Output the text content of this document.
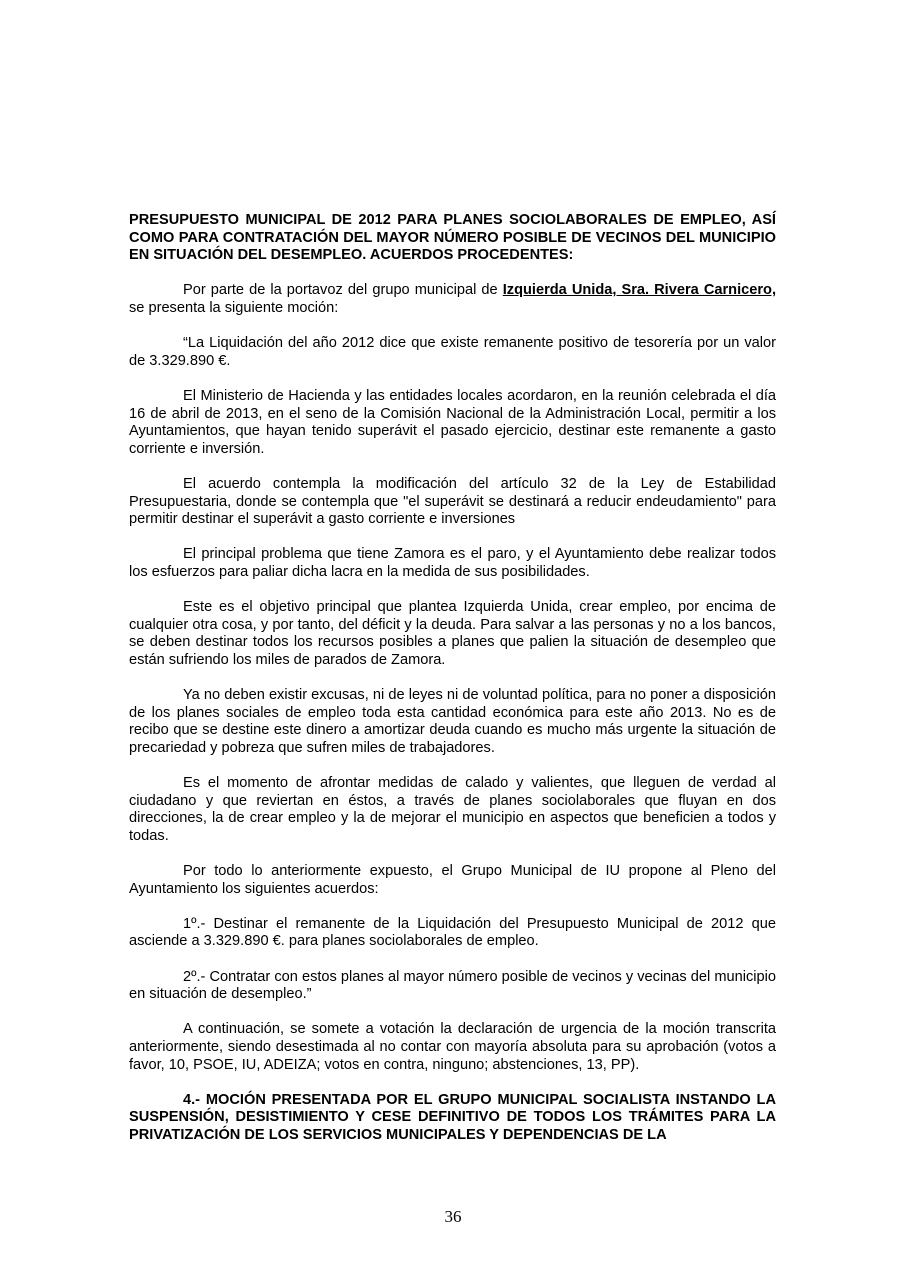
PRESUPUESTO MUNICIPAL DE 2012 PARA PLANES SOCIOLABORALES DE EMPLEO, ASÍ COMO PARA CONTRATACIÓN DEL MAYOR NÚMERO POSIBLE DE VECINOS DEL MUNICIPIO EN SITUACIÓN DEL DESEMPLEO. ACUERDOS PROCEDENTES:

Por parte de la portavoz del grupo municipal de Izquierda Unida, Sra. Rivera Carnicero, se presenta la siguiente moción:

“La Liquidación del año 2012 dice que existe remanente positivo de tesorería por un valor de 3.329.890 €.

El Ministerio de Hacienda y las entidades locales acordaron, en la reunión celebrada el día 16 de abril de 2013, en el seno de la Comisión Nacional de la Administración Local, permitir a los Ayuntamientos, que hayan tenido superávit el pasado ejercicio, destinar este remanente a gasto corriente e inversión.

El acuerdo contempla la modificación del artículo 32 de la Ley de Estabilidad Presupuestaria, donde se contempla que "el superávit se destinará a reducir endeudamiento" para permitir destinar el superávit a gasto corriente e inversiones

El principal problema que tiene Zamora es el paro, y el Ayuntamiento debe realizar todos los esfuerzos para paliar dicha lacra en la medida de sus posibilidades.

Este es el objetivo principal que plantea Izquierda Unida, crear empleo, por encima de cualquier otra cosa, y por tanto, del déficit y la deuda. Para salvar a las personas y no a los bancos, se deben destinar todos los recursos posibles a planes que palien la situación de desempleo que están sufriendo los miles de parados de Zamora.

Ya no deben existir excusas, ni de leyes ni de voluntad política, para no poner a disposición de los planes sociales de empleo toda esta cantidad económica para este año 2013. No es de recibo que se destine este dinero a amortizar deuda cuando es mucho más urgente la situación de precariedad y pobreza que sufren miles de trabajadores.

Es el momento de afrontar medidas de calado y valientes, que lleguen de verdad al ciudadano y que reviertan en éstos, a través de planes sociolaborales que fluyan en dos direcciones, la de crear empleo y la de mejorar el municipio en aspectos que beneficien a todos y todas.

Por todo lo anteriormente expuesto, el Grupo Municipal de IU propone al Pleno del Ayuntamiento los siguientes acuerdos:

1º.- Destinar el remanente de la Liquidación del Presupuesto Municipal de 2012 que asciende a 3.329.890 €. para planes sociolaborales de empleo.

2º.- Contratar con estos planes al mayor número posible de vecinos y vecinas del municipio en situación de desempleo.”

A continuación, se somete a votación la declaración de urgencia de la moción transcrita anteriormente, siendo desestimada al no contar con mayoría absoluta para su aprobación (votos a favor, 10, PSOE, IU, ADEIZA; votos en contra, ninguno; abstenciones, 13, PP).

4.- MOCIÓN PRESENTADA POR EL GRUPO MUNICIPAL SOCIALISTA INSTANDO LA SUSPENSIÓN, DESISTIMIENTO Y CESE DEFINITIVO DE TODOS LOS TRÁMITES PARA LA PRIVATIZACIÓN DE LOS SERVICIOS MUNICIPALES Y DEPENDENCIAS DE LA

36
